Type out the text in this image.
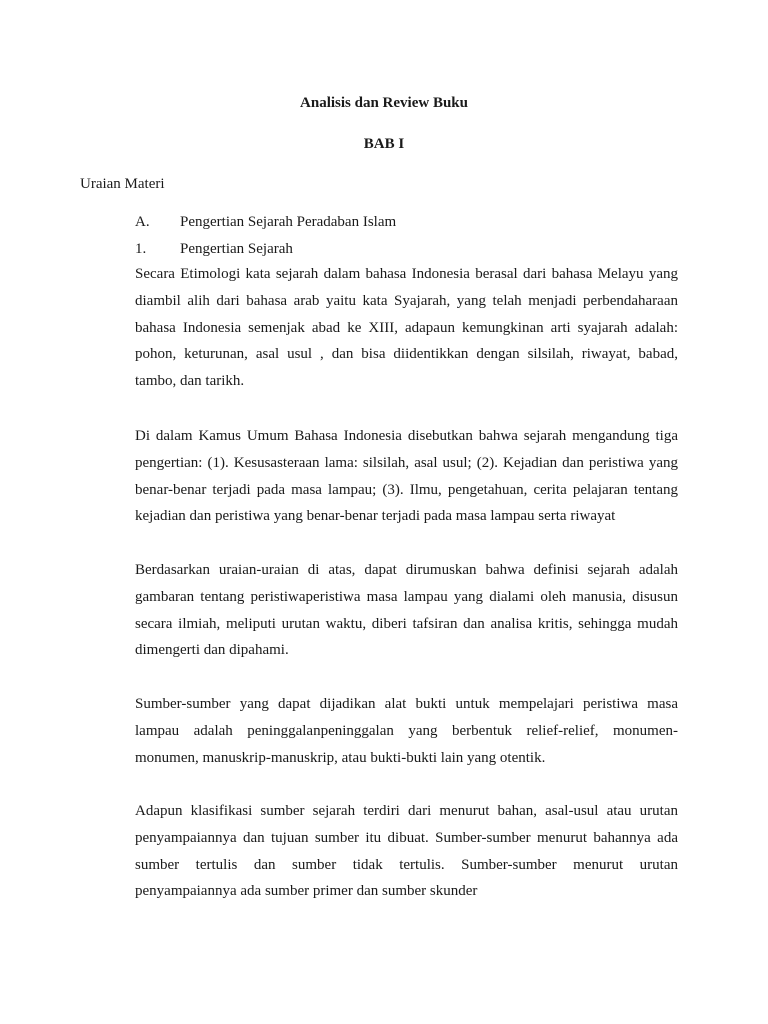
Analisis dan Review Buku
BAB I
Uraian Materi
A. Pengertian Sejarah Peradaban Islam
1. Pengertian Sejarah
Secara Etimologi kata sejarah dalam bahasa Indonesia berasal dari bahasa Melayu yang
diambil alih dari bahasa arab yaitu kata Syajarah, yang telah menjadi perbendaharaan
bahasa Indonesia semenjak abad ke XIII, adapaun kemungkinan arti syajarah adalah:
pohon, keturunan, asal usul , dan bisa diidentikkan dengan silsilah, riwayat, babad,
tambo, dan tarikh.
Di dalam Kamus Umum Bahasa Indonesia disebutkan bahwa sejarah mengandung tiga
pengertian: (1). Kesusasteraan lama: silsilah, asal usul; (2). Kejadian dan peristiwa yang
benar-benar terjadi pada masa lampau; (3). Ilmu, pengetahuan, cerita pelajaran tentang
kejadian dan peristiwa yang benar-benar terjadi pada masa lampau serta riwayat
Berdasarkan uraian-uraian di atas, dapat dirumuskan bahwa definisi sejarah adalah
gambaran tentang peristiwaperistiwa masa lampau yang dialami oleh manusia, disusun
secara ilmiah, meliputi urutan waktu, diberi tafsiran dan analisa kritis, sehingga mudah
dimengerti dan dipahami.
Sumber-sumber yang dapat dijadikan alat bukti untuk mempelajari peristiwa masa
lampau adalah peninggalanpeninggalan yang berbentuk relief-relief, monumen-
monumen, manuskrip-manuskrip, atau bukti-bukti lain yang otentik.
Adapun klasifikasi sumber sejarah terdiri dari menurut bahan, asal-usul atau urutan
penyampaiannya dan tujuan sumber itu dibuat. Sumber-sumber menurut bahannya ada
sumber tertulis dan sumber tidak tertulis. Sumber-sumber menurut urutan
penyampaiannya ada sumber primer dan sumber skunder
